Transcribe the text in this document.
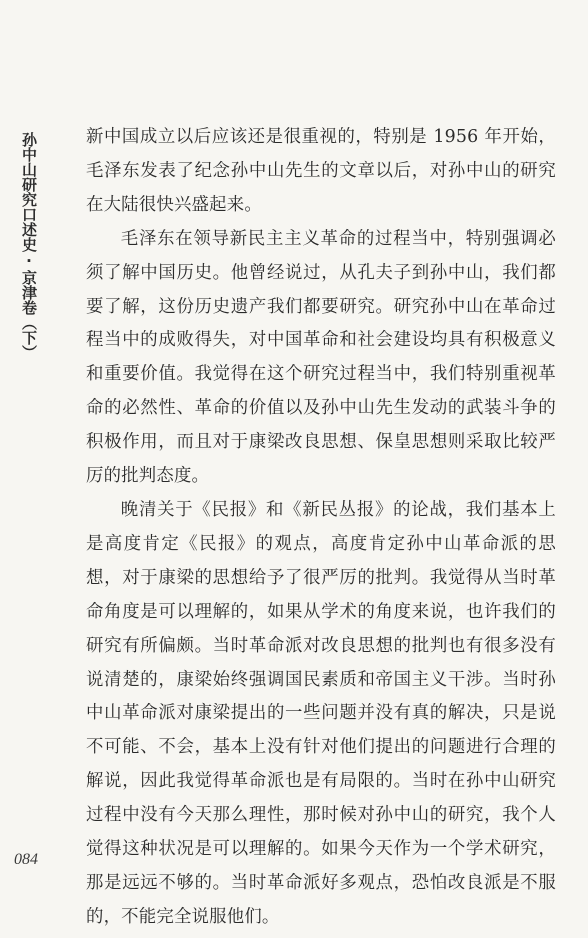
孙中山研究口述史·京津卷（下）	新中国成立以后应该还是很重视的，特别是 1956 年开始，毛泽东发表了纪念孙中山先生的文章以后，对孙中山的研究在大陆很快兴盛起来。

毛泽东在领导新民主主义革命的过程当中，特别强调必须了解中国历史。他曾经说过，从孔夫子到孙中山，我们都要了解，这份历史遗产我们都要研究。研究孙中山在革命过程当中的成败得失，对中国革命和社会建设均具有积极意义和重要价值。我觉得在这个研究过程当中，我们特别重视革命的必然性、革命的价值以及孙中山先生发动的武装斗争的积极作用，而且对于康梁改良思想、保皇思想则采取比较严厉的批判态度。

晚清关于《民报》和《新民丛报》的论战，我们基本上是高度肯定《民报》的观点，高度肯定孙中山革命派的思想，对于康梁的思想给予了很严厉的批判。我觉得从当时革命角度是可以理解的，如果从学术的角度来说，也许我们的研究有所偏颇。当时革命派对改良思想的批判也有很多没有说清楚的，康梁始终强调国民素质和帝国主义干涉。当时孙中山革命派对康梁提出的一些问题并没有真的解决，只是说不可能、不会，基本上没有针对他们提出的问题进行合理的解说，因此我觉得革命派也是有局限的。当时在孙中山研究过程中没有今天那么理性，那时候对孙中山的研究，我个人觉得这种状况是可以理解的。如果今天作为一个学术研究，那是远远不够的。当时革命派好多观点，恐怕改良派是不服的，不能完全说服他们。

084
